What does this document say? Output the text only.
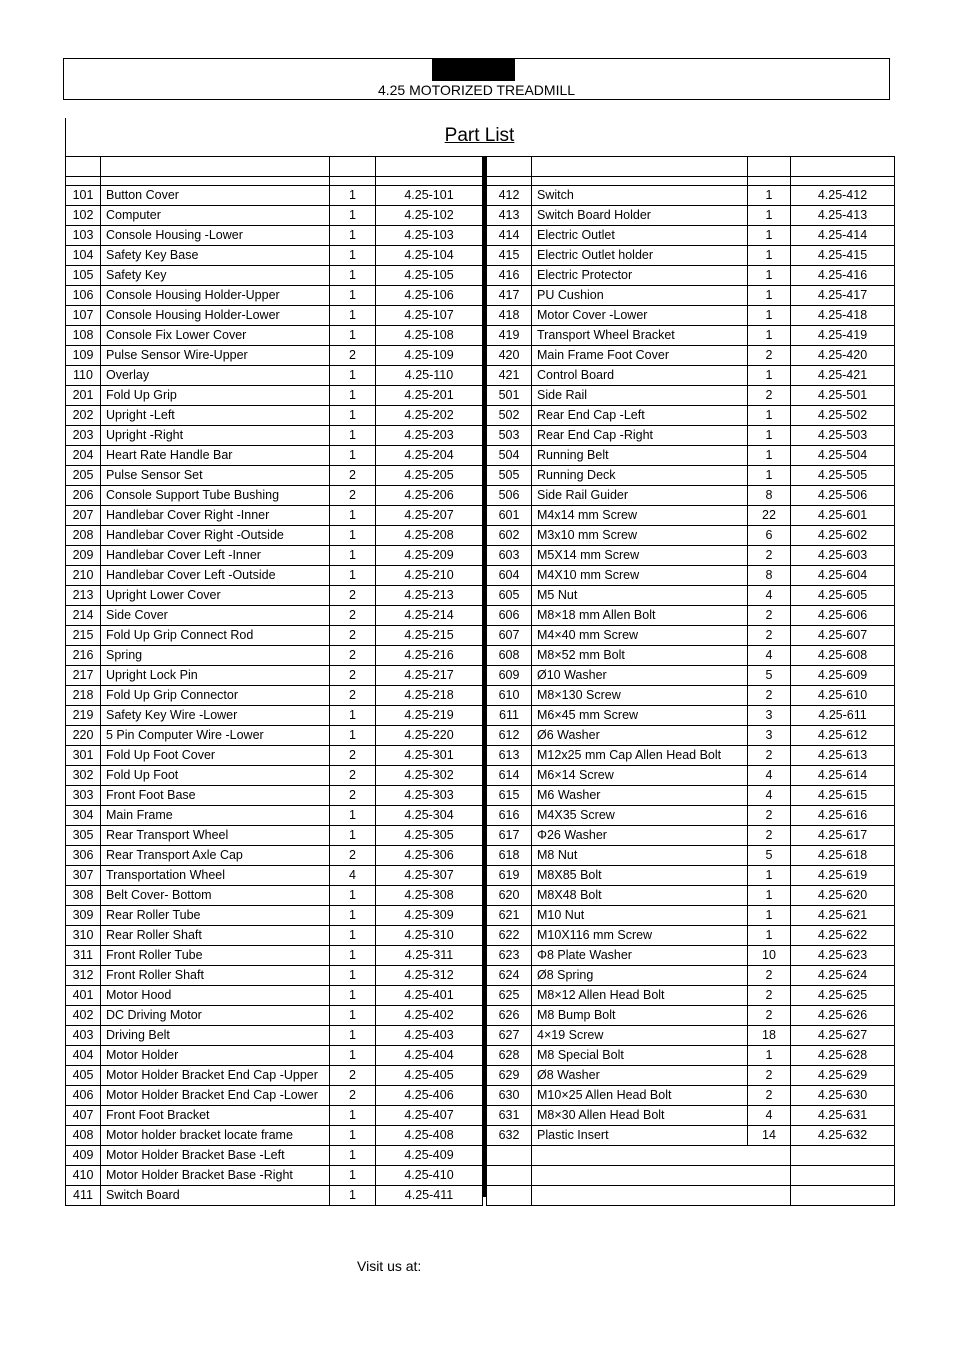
4.25 MOTORIZED TREADMILL
Part List

101	Button Cover	1	4.25-101
102	Computer	1	4.25-102
103	Console Housing -Lower	1	4.25-103
104	Safety Key Base	1	4.25-104
105	Safety Key	1	4.25-105
106	Console Housing Holder-Upper	1	4.25-106
107	Console Housing Holder-Lower	1	4.25-107
108	Console Fix Lower Cover	1	4.25-108
109	Pulse Sensor Wire-Upper	2	4.25-109
110	Overlay	1	4.25-110
201	Fold Up Grip	1	4.25-201
202	Upright -Left	1	4.25-202
203	Upright -Right	1	4.25-203
204	Heart Rate Handle Bar	1	4.25-204
205	Pulse Sensor Set	2	4.25-205
206	Console Support Tube Bushing	2	4.25-206
207	Handlebar Cover Right -Inner	1	4.25-207
208	Handlebar Cover Right -Outside	1	4.25-208
209	Handlebar Cover Left -Inner	1	4.25-209
210	Handlebar Cover Left -Outside	1	4.25-210
213	Upright Lower Cover	2	4.25-213
214	Side Cover	2	4.25-214
215	Fold Up Grip Connect Rod	2	4.25-215
216	Spring	2	4.25-216
217	Upright Lock Pin	2	4.25-217
218	Fold Up Grip Connector	2	4.25-218
219	Safety Key Wire -Lower	1	4.25-219
220	5 Pin Computer Wire -Lower	1	4.25-220
301	Fold Up Foot Cover	2	4.25-301
302	Fold Up Foot	2	4.25-302
303	Front Foot Base	2	4.25-303
304	Main Frame	1	4.25-304
305	Rear Transport Wheel	1	4.25-305
306	Rear Transport Axle Cap	2	4.25-306
307	Transportation Wheel	4	4.25-307
308	Belt Cover- Bottom	1	4.25-308
309	Rear Roller Tube	1	4.25-309
310	Rear Roller Shaft	1	4.25-310
311	Front Roller Tube	1	4.25-311
312	Front Roller Shaft	1	4.25-312
401	Motor Hood	1	4.25-401
402	DC Driving Motor	1	4.25-402
403	Driving Belt	1	4.25-403
404	Motor Holder	1	4.25-404
405	Motor Holder Bracket End Cap -Upper	2	4.25-405
406	Motor Holder Bracket End Cap -Lower	2	4.25-406
407	Front Foot Bracket	1	4.25-407
408	Motor holder bracket locate frame	1	4.25-408
409	Motor Holder Bracket Base -Left	1	4.25-409
410	Motor Holder Bracket Base -Right	1	4.25-410
411	Switch Board	1	4.25-411

412	Switch	1	4.25-412
413	Switch Board Holder	1	4.25-413
414	Electric Outlet	1	4.25-414
415	Electric Outlet holder	1	4.25-415
416	Electric Protector	1	4.25-416
417	PU Cushion	1	4.25-417
418	Motor Cover -Lower	1	4.25-418
419	Transport Wheel Bracket	1	4.25-419
420	Main Frame Foot Cover	2	4.25-420
421	Control Board	1	4.25-421
501	Side Rail	2	4.25-501
502	Rear End Cap -Left	1	4.25-502
503	Rear End Cap -Right	1	4.25-503
504	Running Belt	1	4.25-504
505	Running Deck	1	4.25-505
506	Side Rail Guider	8	4.25-506
601	M4x14 mm Screw	22	4.25-601
602	M3x10 mm Screw	6	4.25-602
603	M5X14 mm Screw	2	4.25-603
604	M4X10 mm Screw	8	4.25-604
605	M5 Nut	4	4.25-605
606	M8×18 mm Allen Bolt	2	4.25-606
607	M4×40 mm Screw	2	4.25-607
608	M8×52 mm Bolt	4	4.25-608
609	Ø10 Washer	5	4.25-609
610	M8×130 Screw	2	4.25-610
611	M6×45 mm Screw	3	4.25-611
612	Ø6 Washer	3	4.25-612
613	M12x25 mm Cap Allen Head Bolt	2	4.25-613
614	M6×14 Screw	4	4.25-614
615	M6 Washer	4	4.25-615
616	M4X35 Screw	2	4.25-616
617	Φ26 Washer	2	4.25-617
618	M8 Nut	5	4.25-618
619	M8X85 Bolt	1	4.25-619
620	M8X48 Bolt	1	4.25-620
621	M10 Nut	1	4.25-621
622	M10X116 mm Screw	1	4.25-622
623	Φ8 Plate Washer	10	4.25-623
624	Ø8 Spring	2	4.25-624
625	M8×12 Allen Head Bolt	2	4.25-625
626	M8 Bump Bolt	2	4.25-626
627	4×19 Screw	18	4.25-627
628	M8 Special Bolt	1	4.25-628
629	Ø8 Washer	2	4.25-629
630	M10×25 Allen Head Bolt	2	4.25-630
631	M8×30 Allen Head Bolt	4	4.25-631
632	Plastic Insert	14	4.25-632

Visit us at:
